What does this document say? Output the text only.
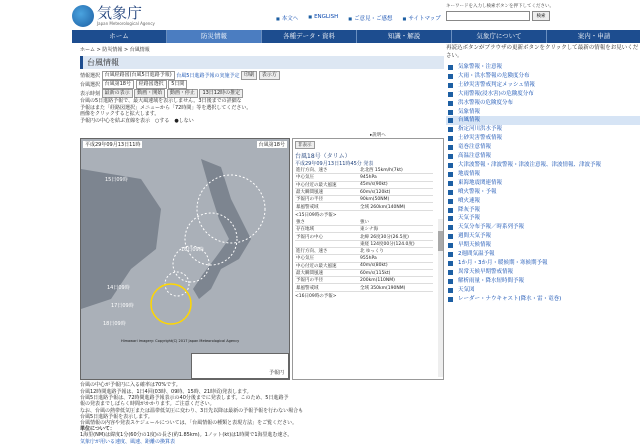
気象庁
Japan Meteorological Agency
■ 本文へ	■ ENGLISH	■ ご意見・ご感想	■ サイトマップ
キーワードを入力し検索ボタンを押下してください。
検索
ホーム	防災情報	各種データ・資料	知識・解説	気象庁について	案内・申請
ホーム > 防災情報 > 台風情報
台風情報
情報選択 台風経路図(台風5日進路予報) 台風5日進路予報の実施予定 印刷 表示方
台風選択 台風第18号 経路図選択 5日間
表示時刻 最新の表示 動画・開始 動画・停止 13日12時の推定
台風の5日進路予報で、最大風速域を表示しません。3日後までの詳細な
予報はまた「経路図選択」メニューから「72時間」等を選択してください。
画像をクリックすると拡大します。
予報円の中心を結ぶ直線を表示　○する　●しない
15日09時
16日09時
14日09時
17日09時
18日09時
平成29年09月13日11時	台風第18号
Himawari imagery: Copyright(C) 2017 Japan Meteorological Agency
予報円
非表示
台風18号（タリム）
平成29年09月13日11時45分 発表
進行方向、速さ	北北西 15km/h(7kt)
中心気圧	945hPa
中心付近の最大風速	45m/s(90kt)
最大瞬間風速	60m/s(120kt)
予報円の半径	90km(50NM)
暴風警戒域	全域 260km(140NM)
<15日09時の予報>
強さ	強い
存在地域	東シナ海
予報円の中心	北緯 26度30分(26.5度)
	東経 124度00分(124.0度)
進行方向、速さ	北 ゆっくり
中心気圧	955hPa
中心付近の最大風速	40m/s(80kt)
最大瞬間風速	60m/s(115kt)
予報円の半径	200km(110NM)
暴風警戒域	全域 350km(190NM)
<16日09時の予報>
▸説明へ
台風の中心が予報円に入る確率は70%です。
台風12時間進路予報は、1日4回(03時、09時、15時、21時頃)発表します。
台風5日進路予報は、72時間進路予報表示の40分後までに発表します。このため、5日進路予
報の発表までしばらく時間がかかります。ご注意ください。
なお、台風の熱帯低気圧または温帯低気圧に変わり、3日先以降は最新の予報予報を行わない場合も
台風5日進路予報を表示します。
台風情報の内容や発表スケジュールについては、「台風情報の種類と表現方法」をご覧ください。
単位について：
1海里(NM)は緯度1分(60分の1度)の長さ(約1.85km)。1ノット(kt)は1時間で1海里進む速さ。
気象庁が用いる速度、風速、距離の換算表
再読込ボタンがブラウザの更新ボタンをクリックして最新の情報をお見いください。
気象警報・注意報
大雨・洪水警報の危険度分布
土砂災害警戒判定メッシュ情報
大雨警報(浸水害)の危険度分布
洪水警報の危険度分布
気象情報
台風情報
指定河川洪水予報
土砂災害警戒情報
竜巻注意情報
高温注意情報
大津波警報・津波警報・津波注意報、津波情報、津波予報
地震情報
東海地震関連情報
噴火警報・予報
噴火速報
降灰予報
天気予報
天気分布予報／時系列予報
週間天気予報
早期天候情報
2週間気温予報
1か月・3か月・暖候期・寒候期予報
異常天候早期警戒情報
解析雨量・降水短時間予報
天気図
レーダー・ナウキャスト(降水・雷・竜巻)
